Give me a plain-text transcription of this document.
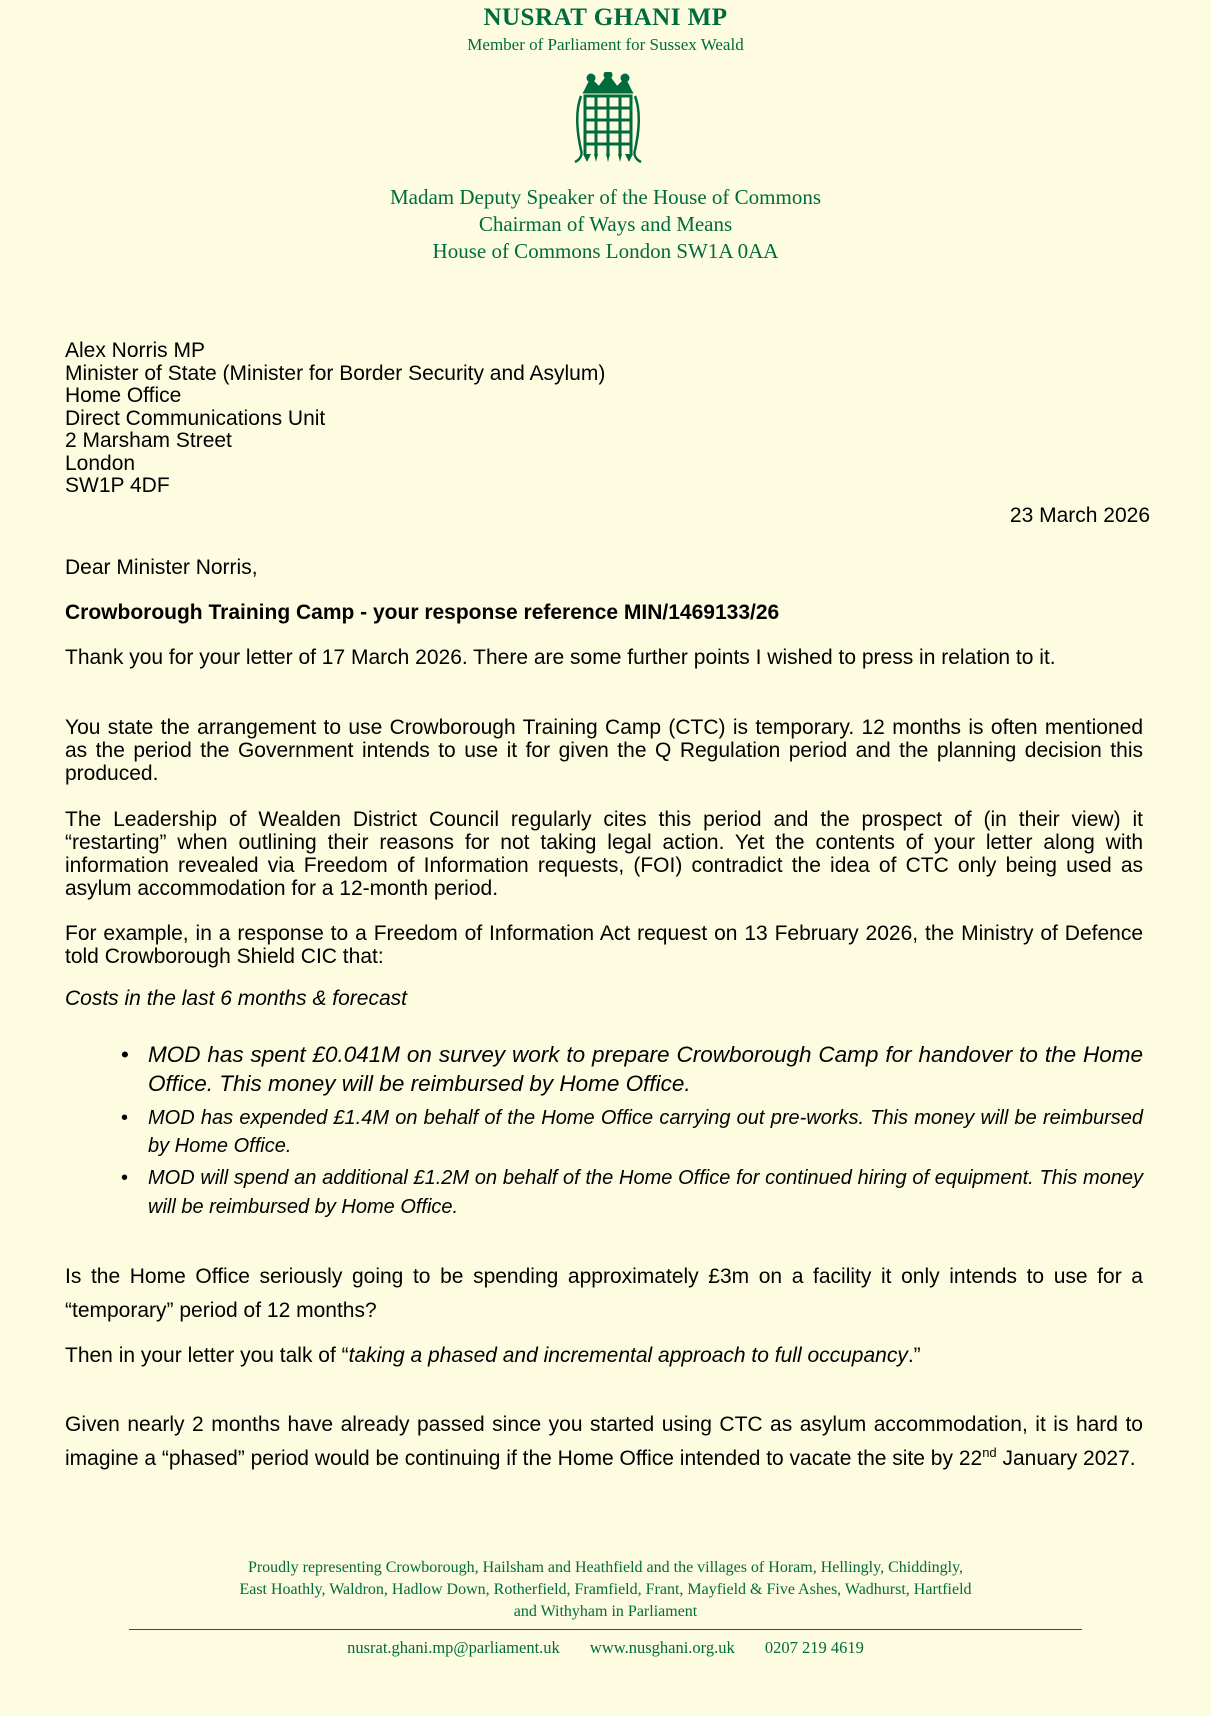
NUSRAT GHANI MP
Member of Parliament for Sussex Weald
Madam Deputy Speaker of the House of Commons
Chairman of Ways and Means
House of Commons London SW1A 0AA
Alex Norris MP
Minister of State (Minister for Border Security and Asylum)
Home Office
Direct Communications Unit
2 Marsham Street
London
SW1P 4DF
23 March 2026
Dear Minister Norris,
Crowborough Training Camp - your response reference MIN/1469133/26
Thank you for your letter of 17 March 2026. There are some further points I wished to press in relation to it.
You state the arrangement to use Crowborough Training Camp (CTC) is temporary. 12 months is often mentioned as the period the Government intends to use it for given the Q Regulation period and the planning decision this produced.
The Leadership of Wealden District Council regularly cites this period and the prospect of (in their view) it “restarting” when outlining their reasons for not taking legal action. Yet the contents of your letter along with information revealed via Freedom of Information requests, (FOI) contradict the idea of CTC only being used as asylum accommodation for a 12-month period.
For example, in a response to a Freedom of Information Act request on 13 February 2026, the Ministry of Defence told Crowborough Shield CIC that:
Costs in the last 6 months & forecast
• MOD has spent £0.041M on survey work to prepare Crowborough Camp for handover to the Home Office. This money will be reimbursed by Home Office.
• MOD has expended £1.4M on behalf of the Home Office carrying out pre-works. This money will be reimbursed by Home Office.
• MOD will spend an additional £1.2M on behalf of the Home Office for continued hiring of equipment. This money will be reimbursed by Home Office.
Is the Home Office seriously going to be spending approximately £3m on a facility it only intends to use for a “temporary” period of 12 months?
Then in your letter you talk of “taking a phased and incremental approach to full occupancy.”
Given nearly 2 months have already passed since you started using CTC as asylum accommodation, it is hard to imagine a “phased” period would be continuing if the Home Office intended to vacate the site by 22nd January 2027.
Proudly representing Crowborough, Hailsham and Heathfield and the villages of Horam, Hellingly, Chiddingly,
East Hoathly, Waldron, Hadlow Down, Rotherfield, Framfield, Frant, Mayfield & Five Ashes, Wadhurst, Hartfield
and Withyham in Parliament
nusrat.ghani.mp@parliament.uk www.nusghani.org.uk 0207 219 4619
